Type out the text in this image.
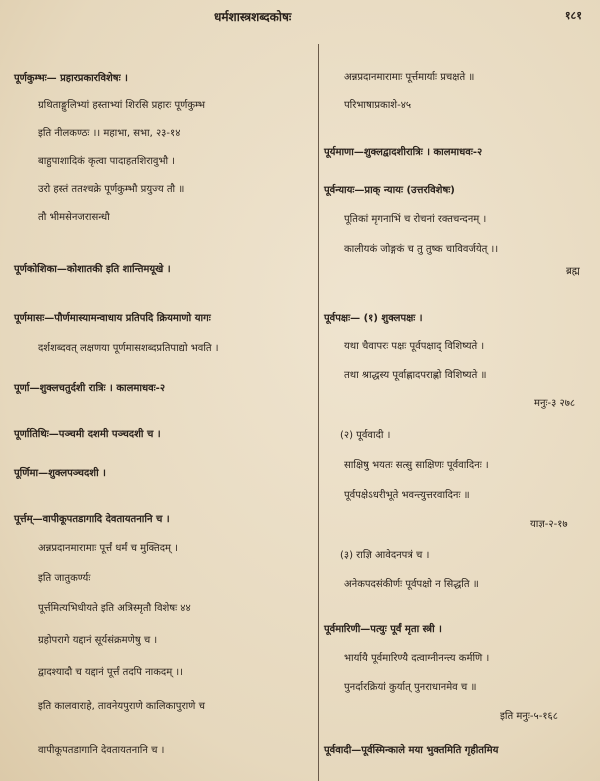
धर्मशास्त्रशब्दकोषः	१८१
पूर्णकुम्भः— प्रहारप्रकारविशेषः ।
ग्रथिताङ्गुलिभ्यां हस्ताभ्यां शिरसि प्रहारः पूर्णकुम्भ
इति नीलकण्ठः ।। महाभा, सभा, २३-१४
बाहुपाशादिकं कृत्वा पादाहतशिरावुभौ ।
उरो हस्तं ततश्चक्रे पूर्णकुम्भौ प्रयुज्य तौ ॥
तौ भीमसेनजरासन्धौ
पूर्णकोशिका—कोशातकी इति शान्तिमयूखे ।
पूर्णमासः—पौर्णमास्यामन्वाधाय प्रतिपदि क्रियमाणो यागः
दर्शशब्दवत् लक्षणया पूर्णमासशब्दप्रतिपाद्यो भवति ।
पूर्णा—शुक्लचतुर्दशी रात्रिः । कालमाधवः-२
पूर्णातिथिः—पञ्चमी दशमी पञ्चदशी च ।
पूर्णिमा—शुक्लपञ्चदशी ।
पूर्त्तम्—वापीकूपतडागादि देवतायतनानि च ।
अन्नप्रदानमारामाः पूर्त्तं धर्मं च मुक्तिदम् ।
इति जातुकर्ण्यः
पूर्त्तमित्यभिधीयते इति अत्रिस्मृतौ विशेषः ४४
ग्रहोपरागे यद्दानं सूर्यसंक्रमणेषु च ।
द्वादश्यादौ च यद्दानं पूर्त्तं तदपि नाकदम् ।।
इति कालवाराहे, तावनेयपुराणे कालिकापुराणे च
वापीकूपतडागानि देवतायतनानि च ।
अन्नप्रदानमारामाः पूर्त्तमार्याः प्रचक्षते ॥
परिभाषाप्रकाशे-४५
पूर्यमाणा—शुक्लद्वादशीरात्रिः । कालमाधवः-२
पूर्वन्यायः—प्राक् न्यायः (उत्तरविशेषः)
पूतिकां मृगनाभिं च रोचनां रक्तचन्दनम् ।
कालीयकं जोङ्गकं च तु तुष्क चाविवर्जयेत् ।।
ब्रह्म
पूर्वपक्षः— (१) शुक्लपक्षः ।
यथा चैवापरः पक्षः पूर्वपक्षाद् विशिष्यते ।
तथा श्राद्धस्य पूर्वाह्णादपराह्णो विशिष्यते ॥
मनुः-३ २७८
(२) पूर्ववादी ।
साक्षिषु भयतः सत्सु साक्षिणः पूर्ववादिनः ।
पूर्वपक्षेऽधरीभूते भवन्त्युत्तरवादिनः ॥
याज्ञ-२-१७
(३) राज्ञि आवेदनपत्रं च ।
अनेकपदसंकीर्णः पूर्वपक्षो न सिद्धति ॥
पूर्वमारिणी—पत्युः पूर्वं मृता स्त्री ।
भार्यायै पूर्वमारिण्यै दत्वाग्नीनन्त्य कर्मणि ।
पुनर्दारक्रियां कुर्यात् पुनराधानमेव च ॥
इति मनुः-५-१६८
पूर्ववादी—पूर्वस्मिन्काले मया भुक्तमिति गृहीतमिय
